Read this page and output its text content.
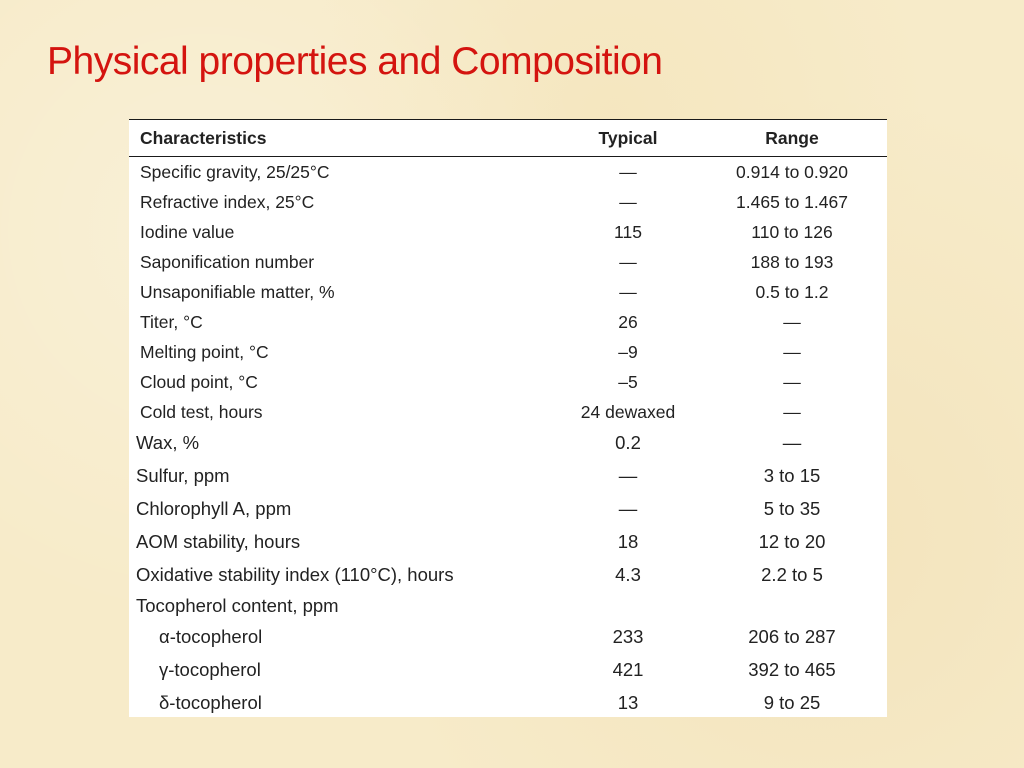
Physical properties and Composition
Characteristics	Typical	Range
Specific gravity, 25/25°C	—	0.914 to 0.920
Refractive index, 25°C	—	1.465 to 1.467
Iodine value	115	110 to 126
Saponification number	—	188 to 193
Unsaponifiable matter, %	—	0.5 to 1.2
Titer, °C	26	—
Melting point, °C	–9	—
Cloud point, °C	–5	—
Cold test, hours	24 dewaxed	—
Wax, %	0.2	—
Sulfur, ppm	—	3 to 15
Chlorophyll A, ppm	—	5 to 35
AOM stability, hours	18	12 to 20
Oxidative stability index (110°C), hours	4.3	2.2 to 5
Tocopherol content, ppm
α-tocopherol	233	206 to 287
γ-tocopherol	421	392 to 465
δ-tocopherol	13	9 to 25
